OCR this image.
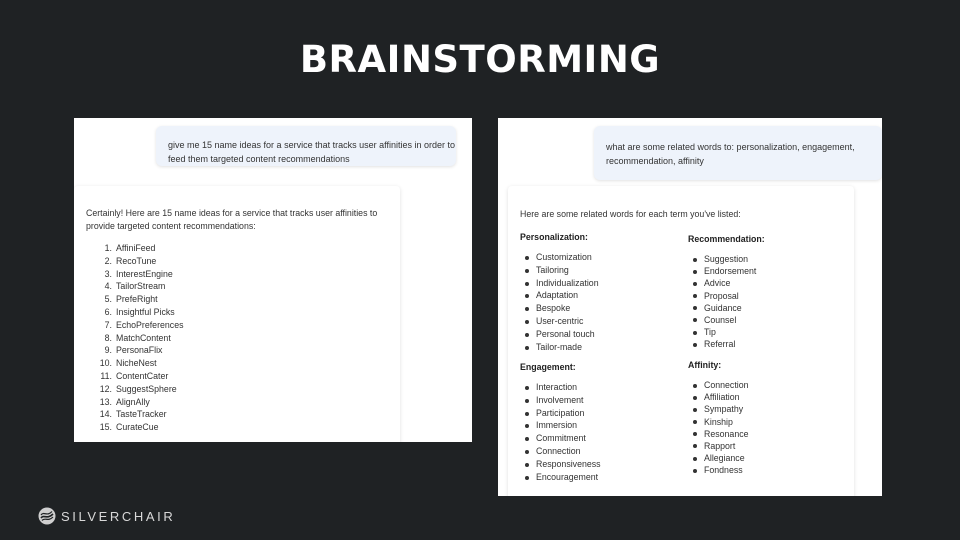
BRAINSTORMING
give me 15 name ideas for a service that tracks user affinities in order to feed them targeted content recommendations
Certainly! Here are 15 name ideas for a service that tracks user affinities to provide targeted content recommendations:
1. AffiniFeed
2. RecoTune
3. InterestEngine
4. TailorStream
5. PrefeRight
6. Insightful Picks
7. EchoPreferences
8. MatchContent
9. PersonaFlix
10. NicheNest
11. ContentCater
12. SuggestSphere
13. AlignAlly
14. TasteTracker
15. CurateCue
what are some related words to: personalization, engagement, recommendation, affinity
Here are some related words for each term you've listed:
Personalization:
Customization
Tailoring
Individualization
Adaptation
Bespoke
User-centric
Personal touch
Tailor-made
Engagement:
Interaction
Involvement
Participation
Immersion
Commitment
Connection
Responsiveness
Encouragement
Recommendation:
Suggestion
Endorsement
Advice
Proposal
Guidance
Counsel
Tip
Referral
Affinity:
Connection
Affiliation
Sympathy
Kinship
Resonance
Rapport
Allegiance
Fondness
SILVERCHAIR
